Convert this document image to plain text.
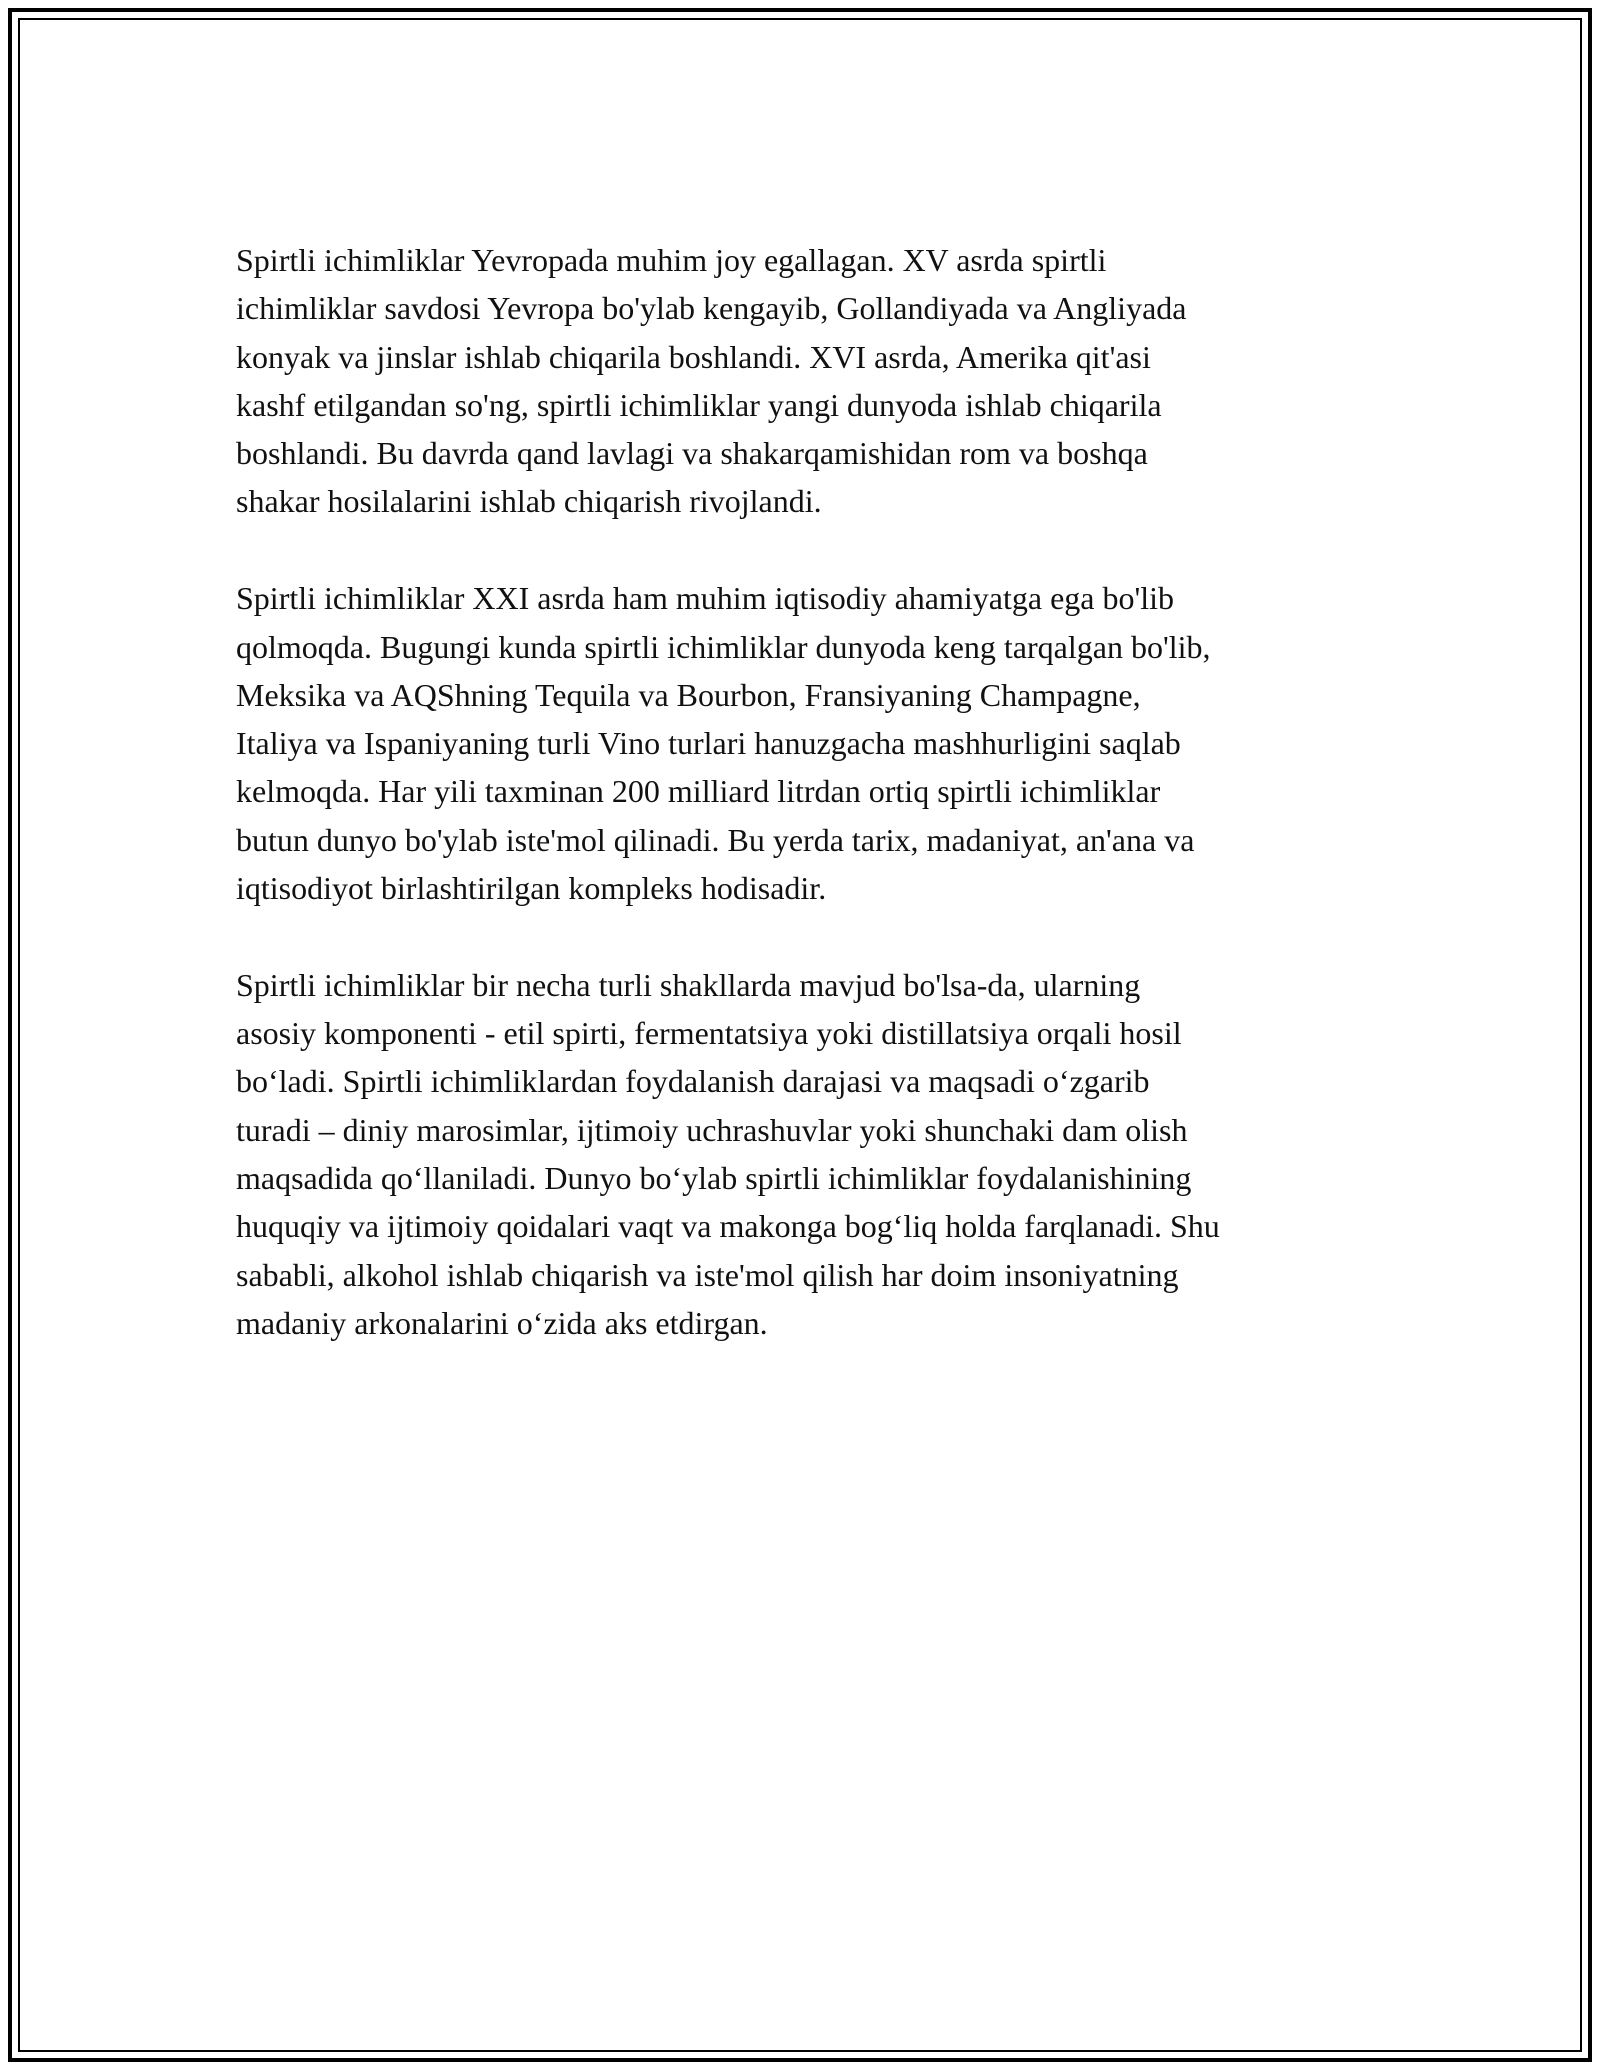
Spirtli ichimliklar Yevropada muhim joy egallagan. XV asrda spirtli
ichimliklar savdosi Yevropa bo'ylab kengayib, Gollandiyada va Angliyada
konyak va jinslar ishlab chiqarila boshlandi. XVI asrda, Amerika qit'asi
kashf etilgandan so'ng, spirtli ichimliklar yangi dunyoda ishlab chiqarila
boshlandi. Bu davrda qand lavlagi va shakarqamishidan rom va boshqa
shakar hosilalarini ishlab chiqarish rivojlandi.

Spirtli ichimliklar XXI asrda ham muhim iqtisodiy ahamiyatga ega bo'lib
qolmoqda. Bugungi kunda spirtli ichimliklar dunyoda keng tarqalgan bo'lib,
Meksika va AQShning Tequila va Bourbon, Fransiyaning Champagne,
Italiya va Ispaniyaning turli Vino turlari hanuzgacha mashhurligini saqlab
kelmoqda. Har yili taxminan 200 milliard litrdan ortiq spirtli ichimliklar
butun dunyo bo'ylab iste'mol qilinadi. Bu yerda tarix, madaniyat, an'ana va
iqtisodiyot birlashtirilgan kompleks hodisadir.

Spirtli ichimliklar bir necha turli shakllarda mavjud bo'lsa-da, ularning
asosiy komponenti - etil spirti, fermentatsiya yoki distillatsiya orqali hosil
bo‘ladi. Spirtli ichimliklardan foydalanish darajasi va maqsadi o‘zgarib
turadi – diniy marosimlar, ijtimoiy uchrashuvlar yoki shunchaki dam olish
maqsadida qo‘llaniladi. Dunyo bo‘ylab spirtli ichimliklar foydalanishining
huquqiy va ijtimoiy qoidalari vaqt va makonga bog‘liq holda farqlanadi. Shu
sababli, alkohol ishlab chiqarish va iste'mol qilish har doim insoniyatning
madaniy arkonalarini o‘zida aks etdirgan.
